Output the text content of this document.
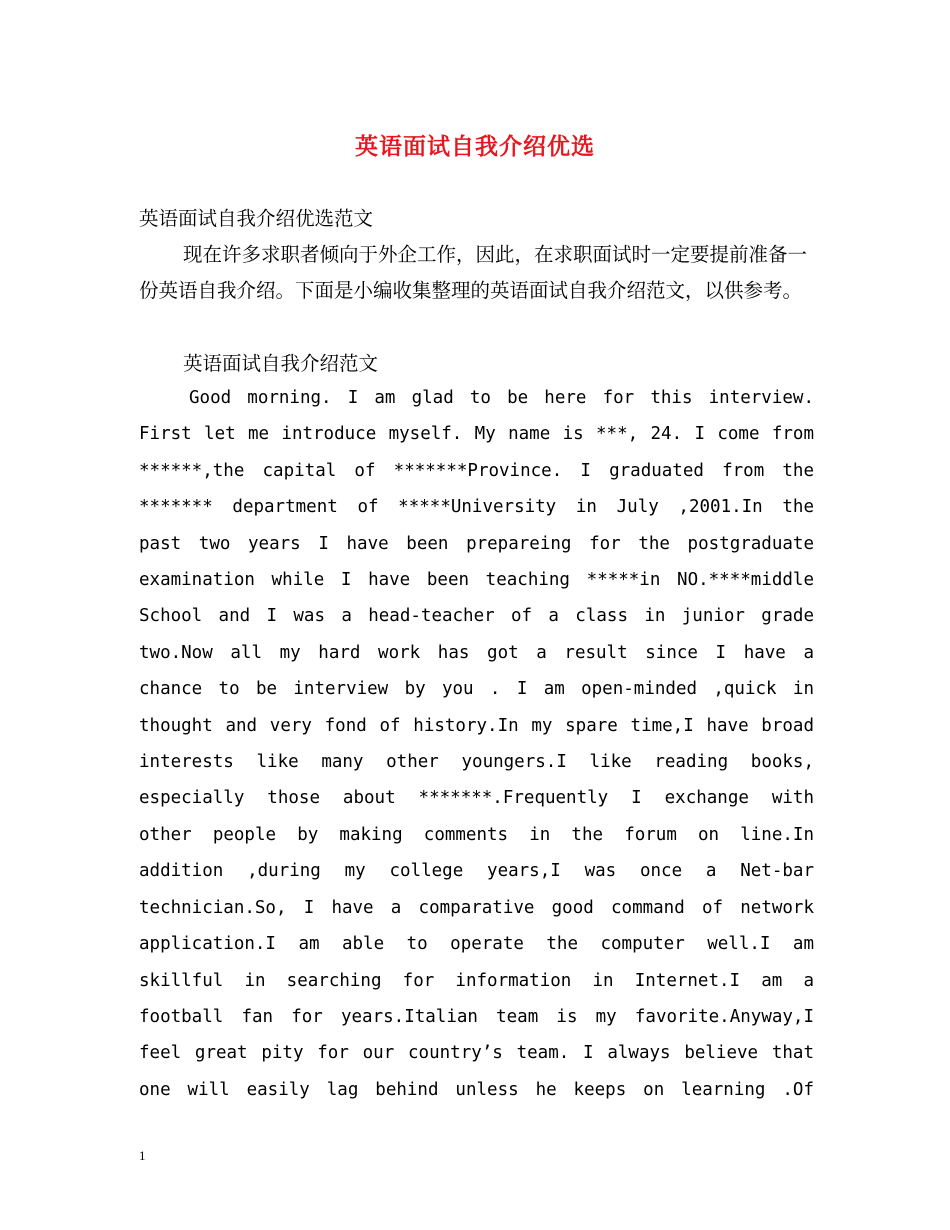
英语面试自我介绍优选

英语面试自我介绍优选范文

现在许多求职者倾向于外企工作，因此，在求职面试时一定要提前准备一份英语自我介绍。下面是小编收集整理的英语面试自我介绍范文，以供参考。

英语面试自我介绍范文

Good morning. I am glad to be here for this interview.
First let me introduce myself. My name is ***, 24. I come from
******,the capital of *******Province. I graduated from the
******* department of *****University in July ,2001.In the
past two years I have been prepareing for the postgraduate
examination while I have been teaching *****in NO.****middle
School and I was a head-teacher of a class in junior grade
two.Now all my hard work has got a result since I have a
chance to be interview by you . I am open-minded ,quick in
thought and very fond of history.In my spare time,I have broad
interests like many other youngers.I like reading books,
especially those about *******.Frequently I exchange with
other people by making comments in the forum on line.In
addition ,during my college years,I was once a Net-bar
technician.So, I have a comparative good command of network
application.I am able to operate the computer well.I am
skillful in searching for information in Internet.I am a
football fan for years.Italian team is my favorite.Anyway,I
feel great pity for our country’s team. I always believe that
one will easily lag behind unless he keeps on learning .Of
1
